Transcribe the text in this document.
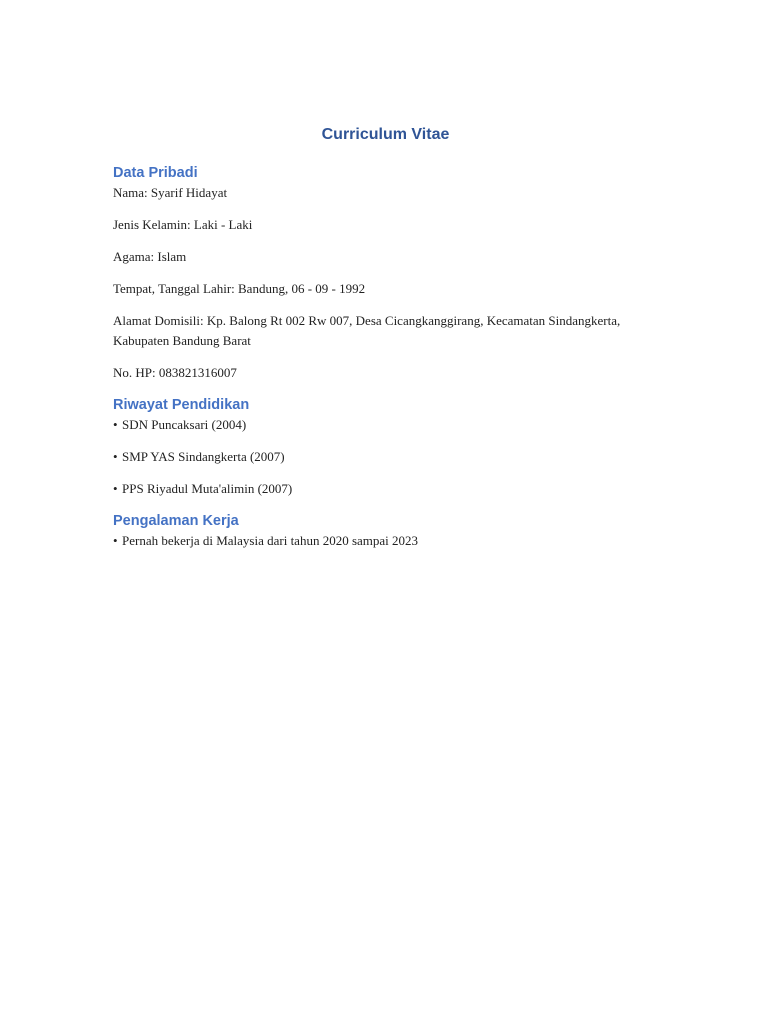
Curriculum Vitae
Data Pribadi

Nama: Syarif Hidayat

Jenis Kelamin: Laki - Laki

Agama: Islam

Tempat, Tanggal Lahir: Bandung, 06 - 09 - 1992

Alamat Domisili: Kp. Balong Rt 002 Rw 007, Desa Cicangkanggirang, Kecamatan Sindangkerta, Kabupaten Bandung Barat

No. HP: 083821316007

Riwayat Pendidikan
• SDN Puncaksari (2004)
• SMP YAS Sindangkerta (2007)
• PPS Riyadul Muta'alimin (2007)
Pengalaman Kerja
• Pernah bekerja di Malaysia dari tahun 2020 sampai 2023
